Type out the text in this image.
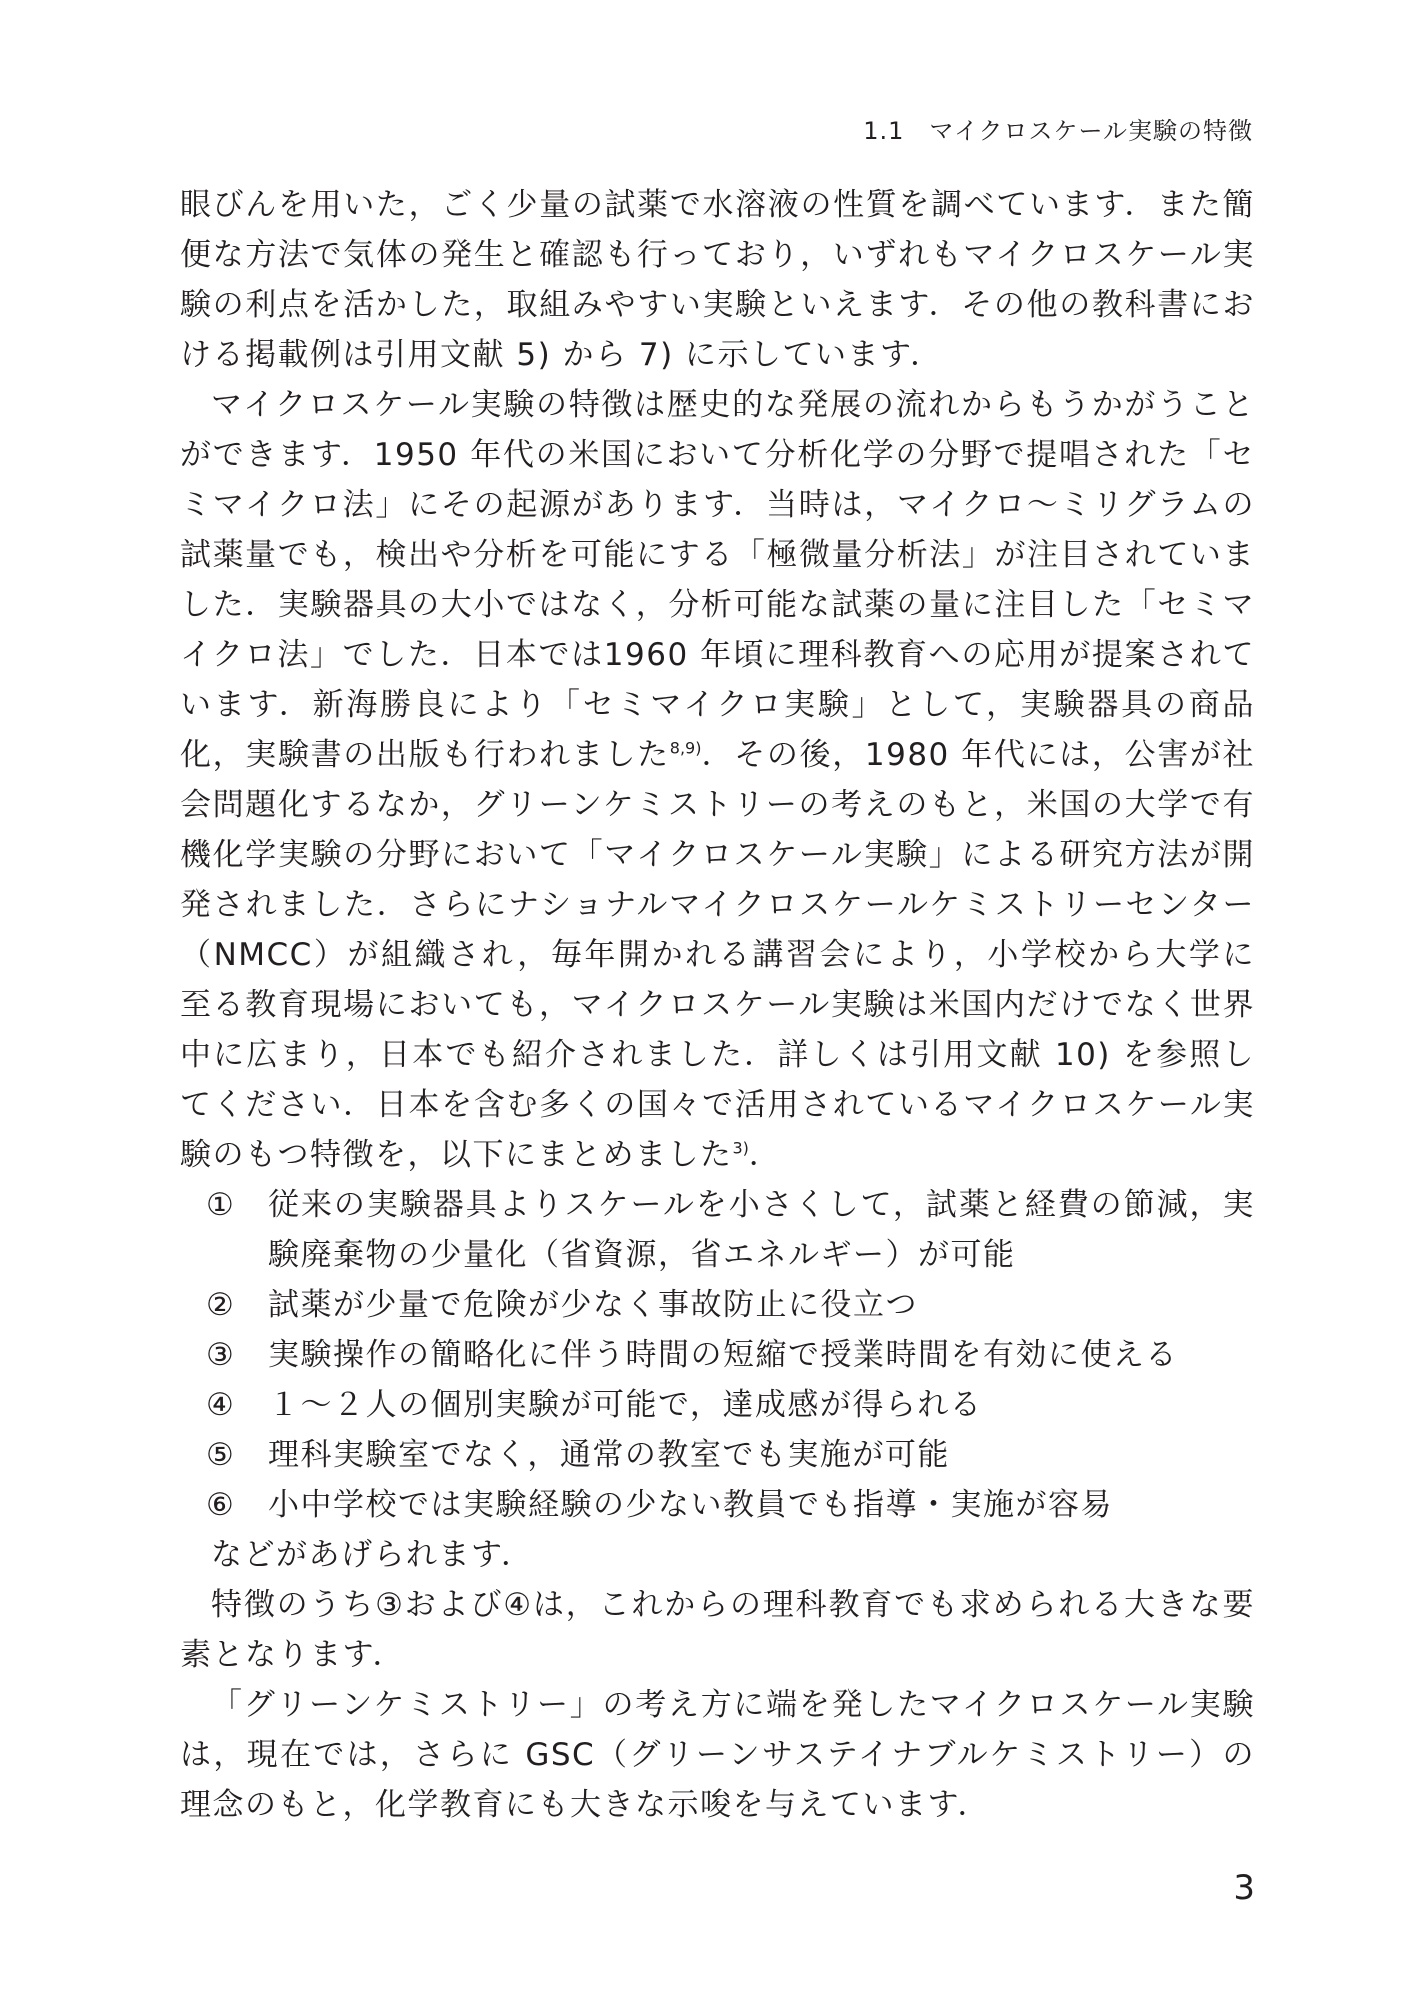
1.1　マイクロスケール実験の特徴

眼びんを用いた，ごく少量の試薬で水溶液の性質を調べています．また簡便な方法で気体の発生と確認も行っており，いずれもマイクロスケール実験の利点を活かした，取組みやすい実験といえます．その他の教科書における掲載例は引用文献 5) から 7) に示しています．

マイクロスケール実験の特徴は歴史的な発展の流れからもうかがうことができます．1950 年代の米国において分析化学の分野で提唱された「セミマイクロ法」にその起源があります．当時は，マイクロ～ミリグラムの試薬量でも，検出や分析を可能にする「極微量分析法」が注目されていました．実験器具の大小ではなく，分析可能な試薬の量に注目した「セミマイクロ法」でした．日本では1960 年頃に理科教育への応用が提案されています．新海勝良により「セミマイクロ実験」として，実験器具の商品化，実験書の出版も行われました$^{8,9)}$．その後，1980 年代には，公害が社会問題化するなか，グリーンケミストリーの考えのもと，米国の大学で有機化学実験の分野において「マイクロスケール実験」による研究方法が開発されました．さらにナショナルマイクロスケールケミストリーセンター（NMCC）が組織され，毎年開かれる講習会により，小学校から大学に至る教育現場においても，マイクロスケール実験は米国内だけでなく世界中に広まり，日本でも紹介されました．詳しくは引用文献 10) を参照してください．日本を含む多くの国々で活用されているマイクロスケール実験のもつ特徴を，以下にまとめました$^{3)}$．

①	従来の実験器具よりスケールを小さくして，試薬と経費の節減，実験廃棄物の少量化（省資源，省エネルギー）が可能
②	試薬が少量で危険が少なく事故防止に役立つ
③	実験操作の簡略化に伴う時間の短縮で授業時間を有効に使える
④	１～２人の個別実験が可能で，達成感が得られる
⑤	理科実験室でなく，通常の教室でも実施が可能
⑥	小中学校では実験経験の少ない教員でも指導・実施が容易

などがあげられます．

特徴のうち③および④は，これからの理科教育でも求められる大きな要素となります．

「グリーンケミストリー」の考え方に端を発したマイクロスケール実験は，現在では，さらに GSC（グリーンサステイナブルケミストリー）の理念のもと，化学教育にも大きな示唆を与えています．

3
